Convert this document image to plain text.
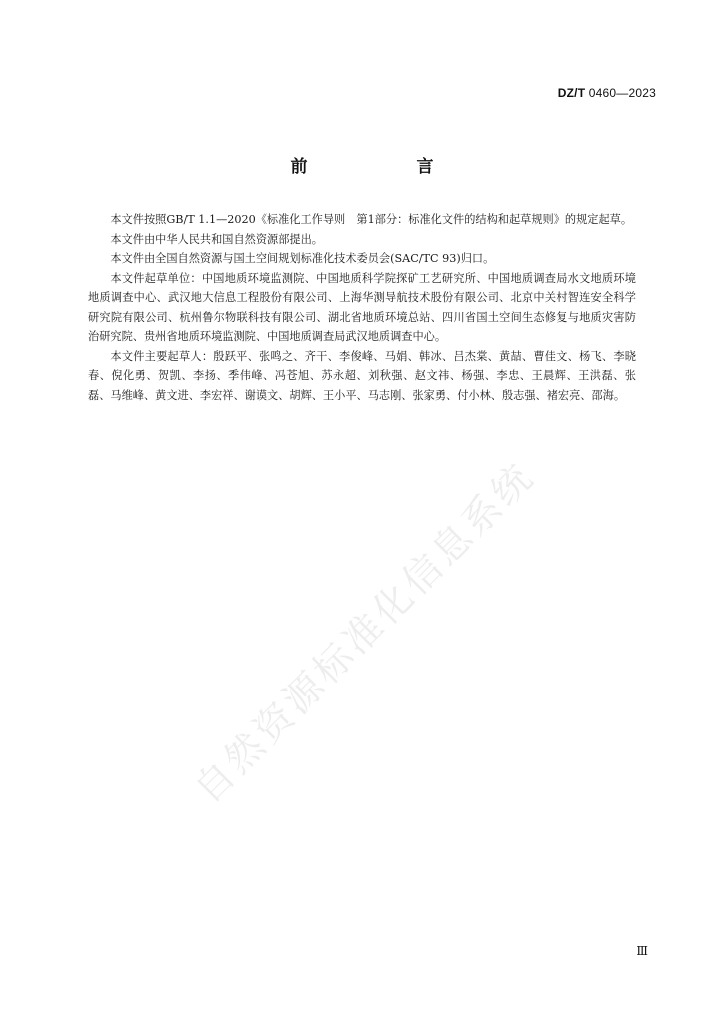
DZ/T 0460—2023
前　言

本文件按照GB/T 1.1—2020《标准化工作导则　第1部分：标准化文件的结构和起草规则》的规定起草。

本文件由中华人民共和国自然资源部提出。

本文件由全国自然资源与国土空间规划标准化技术委员会(SAC/TC 93)归口。

本文件起草单位：中国地质环境监测院、中国地质科学院探矿工艺研究所、中国地质调查局水文地质环境地质调查中心、武汉地大信息工程股份有限公司、上海华测导航技术股份有限公司、北京中关村智连安全科学研究院有限公司、杭州鲁尔物联科技有限公司、湖北省地质环境总站、四川省国土空间生态修复与地质灾害防治研究院、贵州省地质环境监测院、中国地质调查局武汉地质调查中心。

本文件主要起草人：殷跃平、张鸣之、齐干、李俊峰、马娟、韩冰、吕杰棠、黄喆、曹佳文、杨飞、李晓春、倪化勇、贺凯、李扬、季伟峰、冯苍旭、苏永超、刘秋强、赵文祎、杨强、李忠、王晨辉、王洪磊、张磊、马维峰、黄文进、李宏祥、谢谟文、胡辉、王小平、马志刚、张家勇、付小林、殷志强、褚宏亮、邵海。

自然资源标准化信息系统
Ⅲ
